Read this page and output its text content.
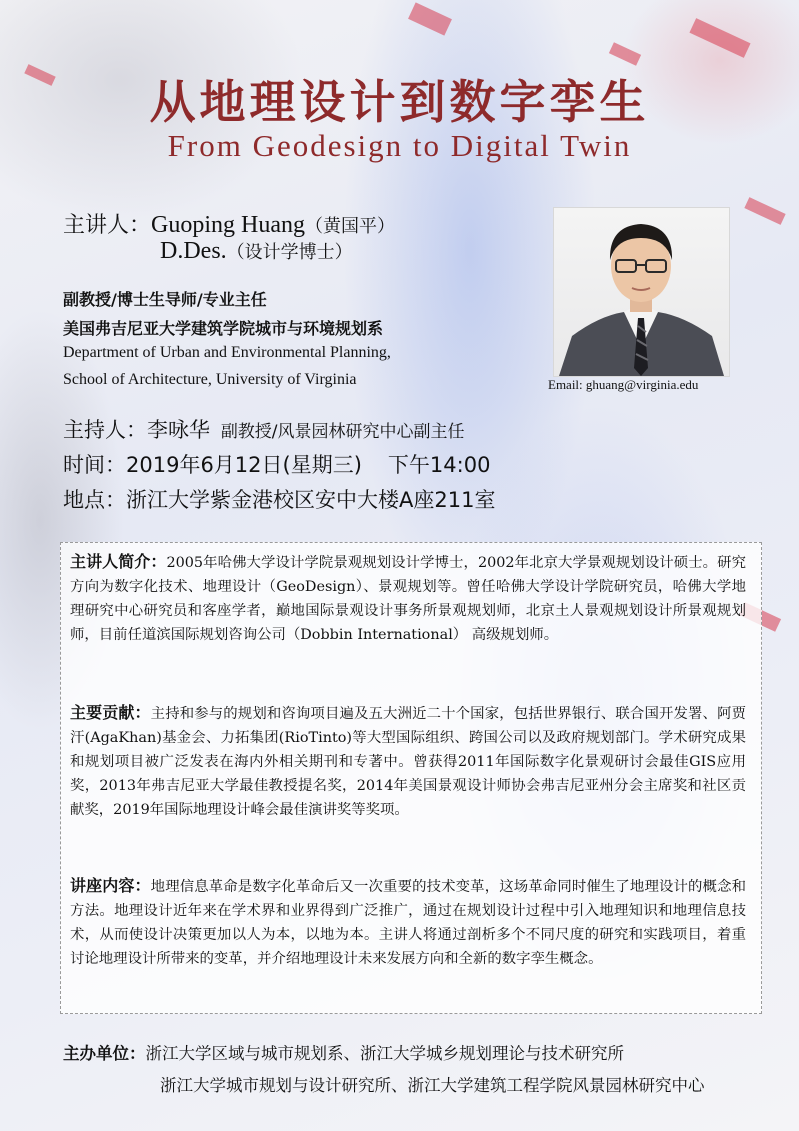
从地理设计到数字孪生
From Geodesign to Digital Twin
主讲人：Guoping Huang（黄国平）
D.Des.（设计学博士）
副教授/博士生导师/专业主任
美国弗吉尼亚大学建筑学院城市与环境规划系
Department of Urban and Environmental Planning,
School of Architecture, University of Virginia	Email: ghuang@virginia.edu
主持人：李咏华 副教授/风景园林研究中心副主任
时间：2019年6月12日(星期三) 下午14:00
地点：浙江大学紫金港校区安中大楼A座211室

主讲人简介：2005年哈佛大学设计学院景观规划设计学博士，2002年北京大学景观规划设计硕士。研究方向为数字化技术、地理设计（GeoDesign）、景观规划等。曾任哈佛大学设计学院研究员，哈佛大学地理研究中心研究员和客座学者，巅地国际景观设计事务所景观规划师，北京土人景观规划设计所景观规划师，目前任道滨国际规划咨询公司（Dobbin International） 高级规划师。

主要贡献：主持和参与的规划和咨询项目遍及五大洲近二十个国家，包括世界银行、联合国开发署、阿贾汗(AgaKhan)基金会、力拓集团(RioTinto)等大型国际组织、跨国公司以及政府规划部门。学术研究成果和规划项目被广泛发表在海内外相关期刊和专著中。曾获得2011年国际数字化景观研讨会最佳GIS应用奖，2013年弗吉尼亚大学最佳教授提名奖，2014年美国景观设计师协会弗吉尼亚州分会主席奖和社区贡献奖，2019年国际地理设计峰会最佳演讲奖等奖项。

讲座内容：地理信息革命是数字化革命后又一次重要的技术变革，这场革命同时催生了地理设计的概念和方法。地理设计近年来在学术界和业界得到广泛推广，通过在规划设计过程中引入地理知识和地理信息技术，从而使设计决策更加以人为本，以地为本。主讲人将通过剖析多个不同尺度的研究和实践项目，着重讨论地理设计所带来的变革，并介绍地理设计未来发展方向和全新的数字孪生概念。

主办单位：浙江大学区域与城市规划系、浙江大学城乡规划理论与技术研究所
浙江大学城市规划与设计研究所、浙江大学建筑工程学院风景园林研究中心
